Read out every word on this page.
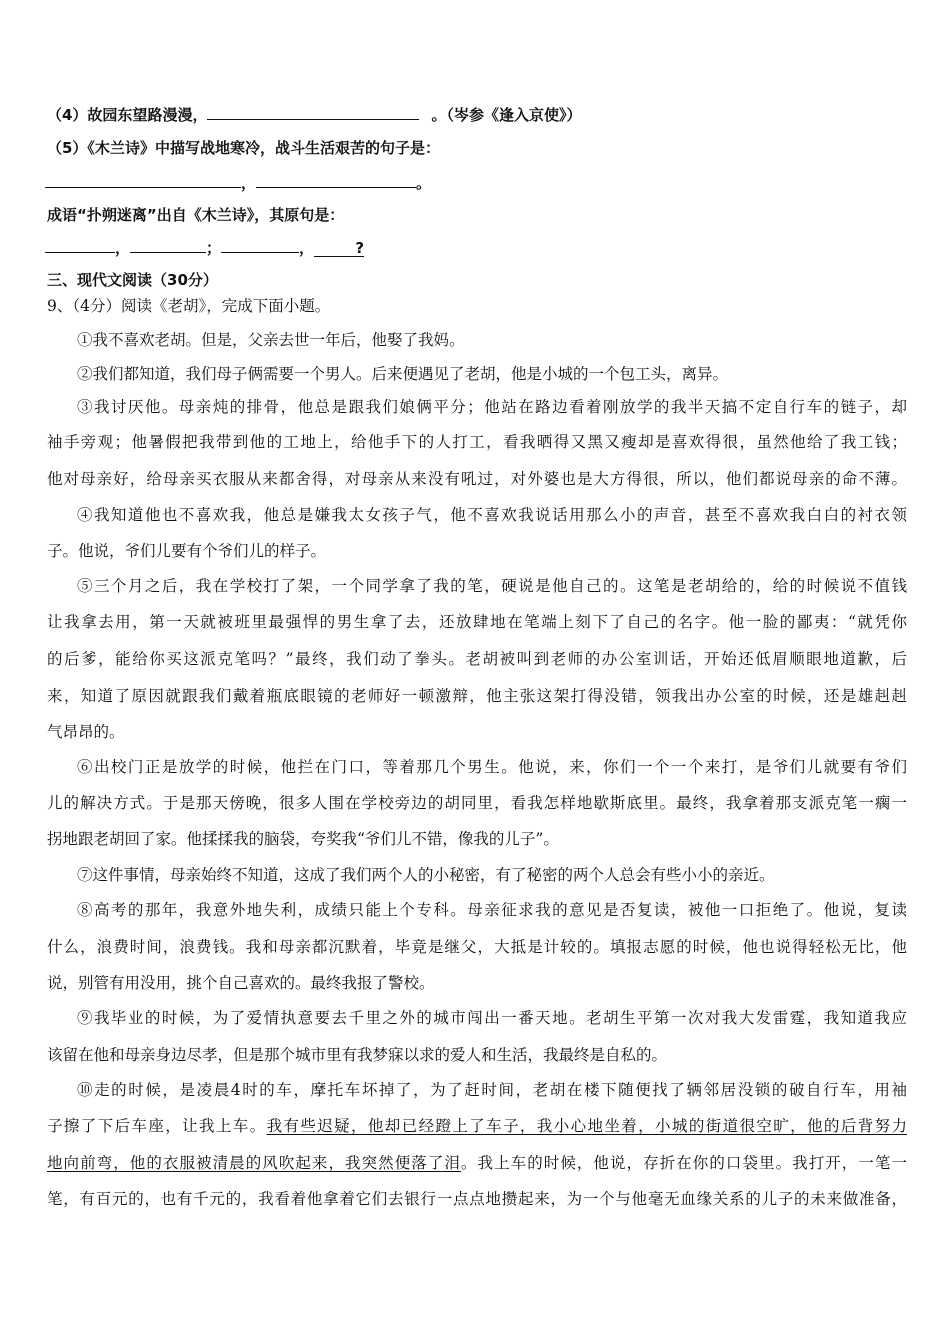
（4）故园东望路漫漫，	。（岑参《逢入京使》）
（5）《木兰诗》中描写战地寒冷，战斗生活艰苦的句子是：
，	。
成语“扑朔迷离”出自《木兰诗》，其原句是：
，	；	，	?
三、现代文阅读（30分）
9、（4分）阅读《老胡》，完成下面小题。
①我不喜欢老胡。但是，父亲去世一年后，他娶了我妈。
②我们都知道，我们母子俩需要一个男人。后来便遇见了老胡，他是小城的一个包工头，离异。
③我讨厌他。母亲炖的排骨，他总是跟我们娘俩平分；他站在路边看着刚放学的我半天搞不定自行车的链子，却
袖手旁观；他暑假把我带到他的工地上，给他手下的人打工，看我晒得又黑又瘦却是喜欢得很，虽然他给了我工钱；
他对母亲好，给母亲买衣服从来都舍得，对母亲从来没有吼过，对外婆也是大方得很，所以，他们都说母亲的命不薄。
④我知道他也不喜欢我，他总是嫌我太女孩子气，他不喜欢我说话用那么小的声音，甚至不喜欢我白白的衬衣领
子。他说，爷们儿要有个爷们儿的样子。
⑤三个月之后，我在学校打了架，一个同学拿了我的笔，硬说是他自己的。这笔是老胡给的，给的时候说不值钱
让我拿去用，第一天就被班里最强悍的男生拿了去，还放肆地在笔端上刻下了自己的名字。他一脸的鄙夷：“就凭你
的后爹，能给你买这派克笔吗？”最终，我们动了拳头。老胡被叫到老师的办公室训话，开始还低眉顺眼地道歉，后
来，知道了原因就跟我们戴着瓶底眼镜的老师好一顿激辩，他主张这架打得没错，领我出办公室的时候，还是雄赳赳
气昂昂的。
⑥出校门正是放学的时候，他拦在门口，等着那几个男生。他说，来，你们一个一个来打，是爷们儿就要有爷们
儿的解决方式。于是那天傍晚，很多人围在学校旁边的胡同里，看我怎样地歇斯底里。最终，我拿着那支派克笔一瘸一
拐地跟老胡回了家。他揉揉我的脑袋，夸奖我“爷们儿不错，像我的儿子”。
⑦这件事情，母亲始终不知道，这成了我们两个人的小秘密，有了秘密的两个人总会有些小小的亲近。
⑧高考的那年，我意外地失利，成绩只能上个专科。母亲征求我的意见是否复读，被他一口拒绝了。他说，复读
什么，浪费时间，浪费钱。我和母亲都沉默着，毕竟是继父，大抵是计较的。填报志愿的时候，他也说得轻松无比，他
说，别管有用没用，挑个自己喜欢的。最终我报了警校。
⑨我毕业的时候，为了爱情执意要去千里之外的城市闯出一番天地。老胡生平第一次对我大发雷霆，我知道我应
该留在他和母亲身边尽孝，但是那个城市里有我梦寐以求的爱人和生活，我最终是自私的。
⑩走的时候，是凌晨4时的车，摩托车坏掉了，为了赶时间，老胡在楼下随便找了辆邻居没锁的破自行车，用袖
子擦了下后车座，让我上车。我有些迟疑，他却已经蹬上了车子，我小心地坐着，小城的街道很空旷，他的后背努力
地向前弯，他的衣服被清晨的风吹起来，我突然便落了泪。我上车的时候，他说，存折在你的口袋里。我打开，一笔一
笔，有百元的，也有千元的，我看着他拿着它们去银行一点点地攒起来，为一个与他毫无血缘关系的儿子的未来做准备，
